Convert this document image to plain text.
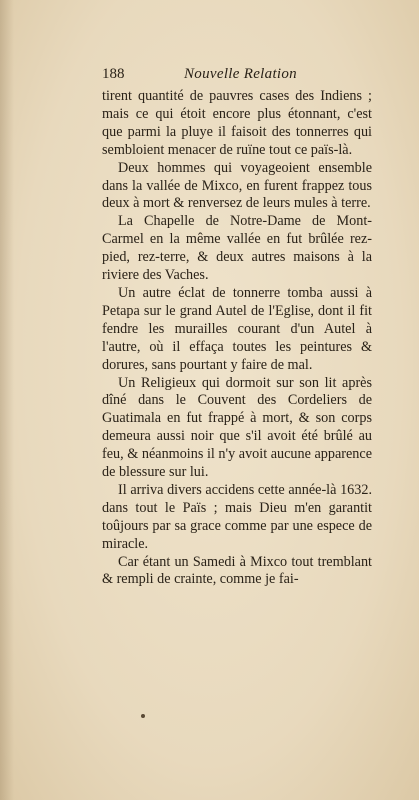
188	Nouvelle Relation

tirent quantité de pauvres cases des Indiens ; mais ce qui étoit encore plus étonnant, c'est que parmi la pluye il faisoit des tonnerres qui sembloient menacer de ruïne tout ce païs-là.

Deux hommes qui voyageoient ensemble dans la vallée de Mixco, en furent frappez tous deux à mort & renversez de leurs mules à terre.

La Chapelle de Notre-Dame de Mont-Carmel en la même vallée en fut brûlée rez-pied, rez-terre, & deux autres maisons à la riviere des Vaches.

Un autre éclat de tonnerre tomba aussi à Petapa sur le grand Autel de l'Eglise, dont il fit fendre les murailles courant d'un Autel à l'autre, où il effaça toutes les peintures & dorures, sans pourtant y faire de mal.

Un Religieux qui dormoit sur son lit après dîné dans le Couvent des Cordeliers de Guatimala en fut frappé à mort, & son corps demeura aussi noir que s'il avoit été brûlé au feu, & néanmoins il n'y avoit aucune apparence de blessure sur lui.

Il arriva divers accidens cette année-là 1632. dans tout le Païs ; mais Dieu m'en garantit toûjours par sa grace comme par une espece de miracle.

Car étant un Samedi à Mixco tout tremblant & rempli de crainte, comme je fai-
